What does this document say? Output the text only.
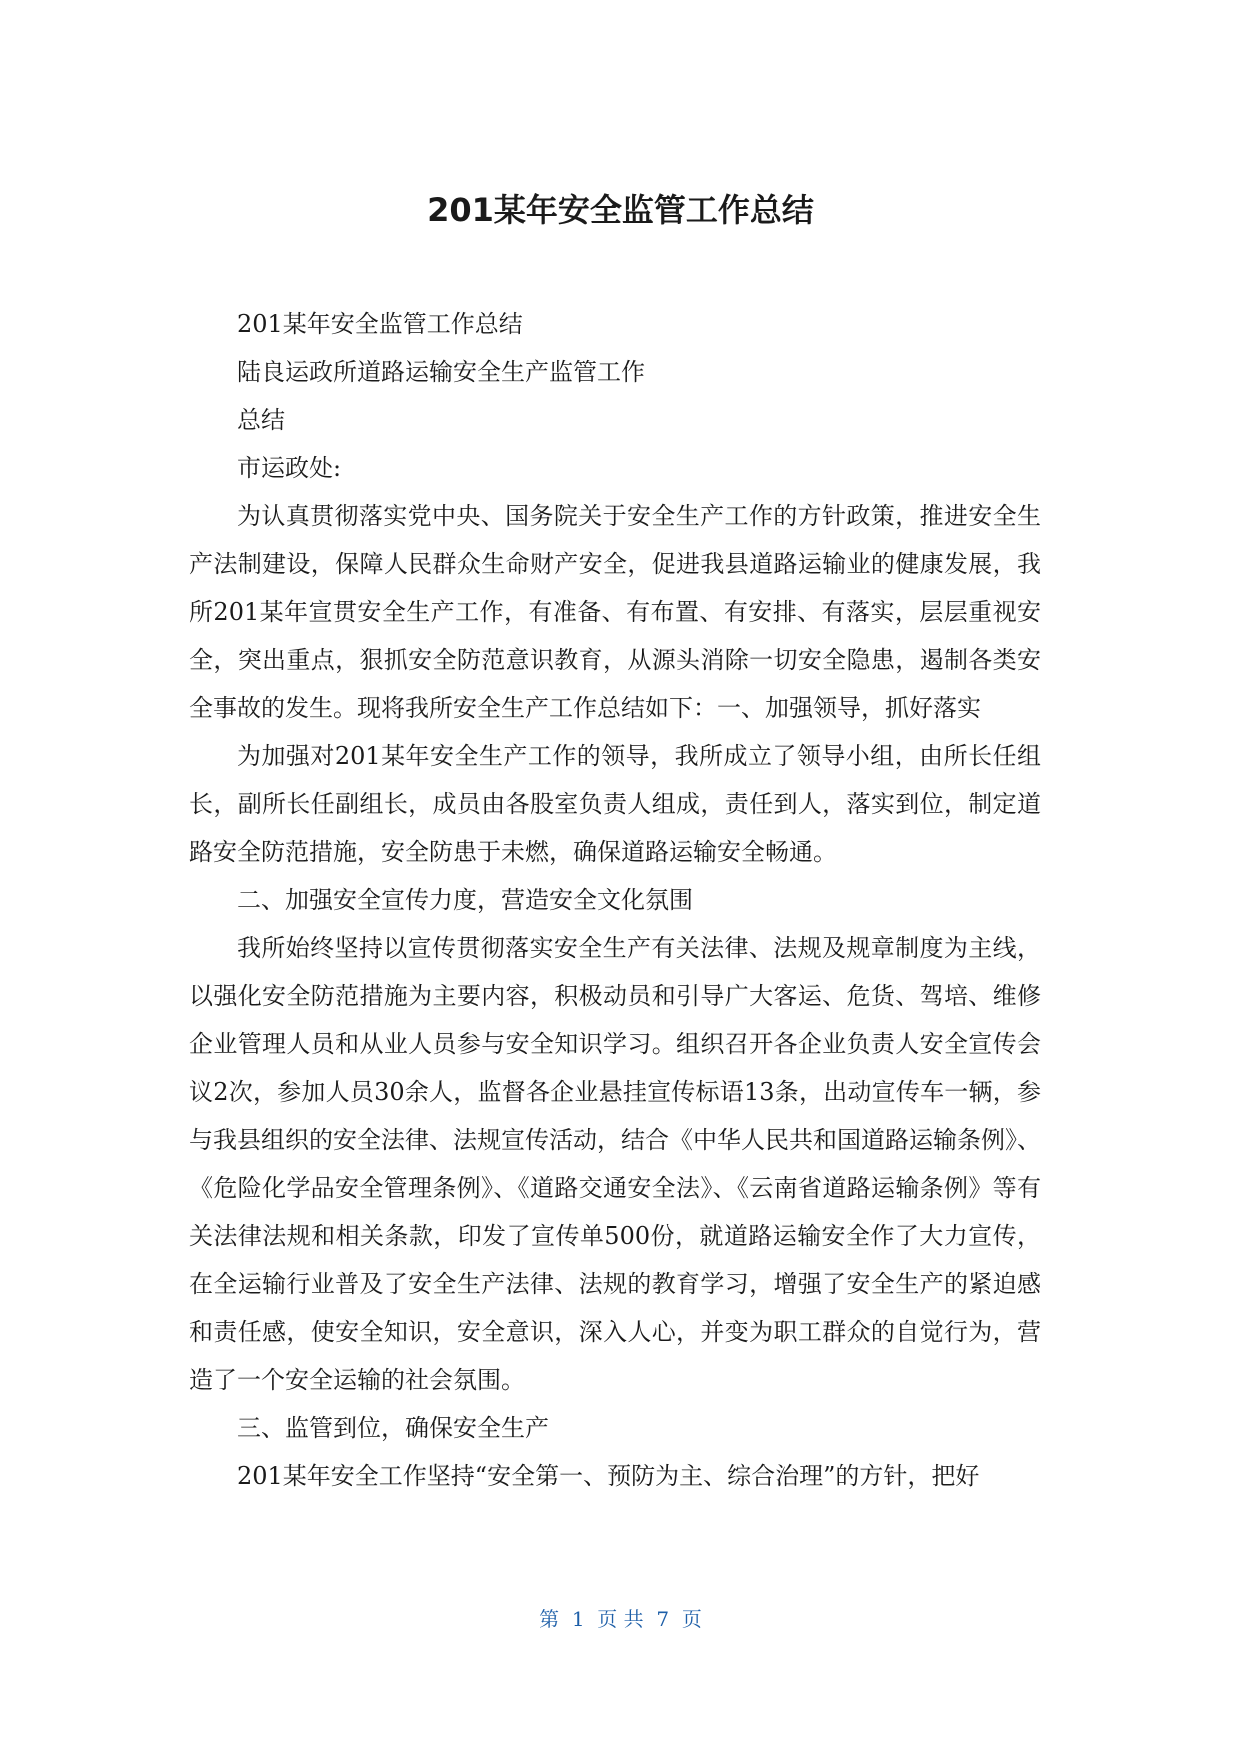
201某年安全监管工作总结

201某年安全监管工作总结

陆良运政所道路运输安全生产监管工作

总结

市运政处:

为认真贯彻落实党中央、国务院关于安全生产工作的方针政策，推进安全生产法制建设，保障人民群众生命财产安全，促进我县道路运输业的健康发展，我所201某年宣贯安全生产工作，有准备、有布置、有安排、有落实，层层重视安全，突出重点，狠抓安全防范意识教育，从源头消除一切安全隐患，遏制各类安全事故的发生。现将我所安全生产工作总结如下：一、加强领导，抓好落实

为加强对201某年安全生产工作的领导，我所成立了领导小组，由所长任组长，副所长任副组长，成员由各股室负责人组成，责任到人，落实到位，制定道路安全防范措施，安全防患于未燃，确保道路运输安全畅通。

二、加强安全宣传力度，营造安全文化氛围

我所始终坚持以宣传贯彻落实安全生产有关法律、法规及规章制度为主线，以强化安全防范措施为主要内容，积极动员和引导广大客运、危货、驾培、维修企业管理人员和从业人员参与安全知识学习。组织召开各企业负责人安全宣传会议2次，参加人员30余人，监督各企业悬挂宣传标语13条，出动宣传车一辆，参与我县组织的安全法律、法规宣传活动，结合《中华人民共和国道路运输条例》、《危险化学品安全管理条例》、《道路交通安全法》、《云南省道路运输条例》等有关法律法规和相关条款，印发了宣传单500份，就道路运输安全作了大力宣传，在全运输行业普及了安全生产法律、法规的教育学习，增强了安全生产的紧迫感和责任感，使安全知识，安全意识，深入人心，并变为职工群众的自觉行为，营造了一个安全运输的社会氛围。

三、监管到位，确保安全生产

201某年安全工作坚持“安全第一、预防为主、综合治理”的方针，把好

第  1  页 共  7  页
